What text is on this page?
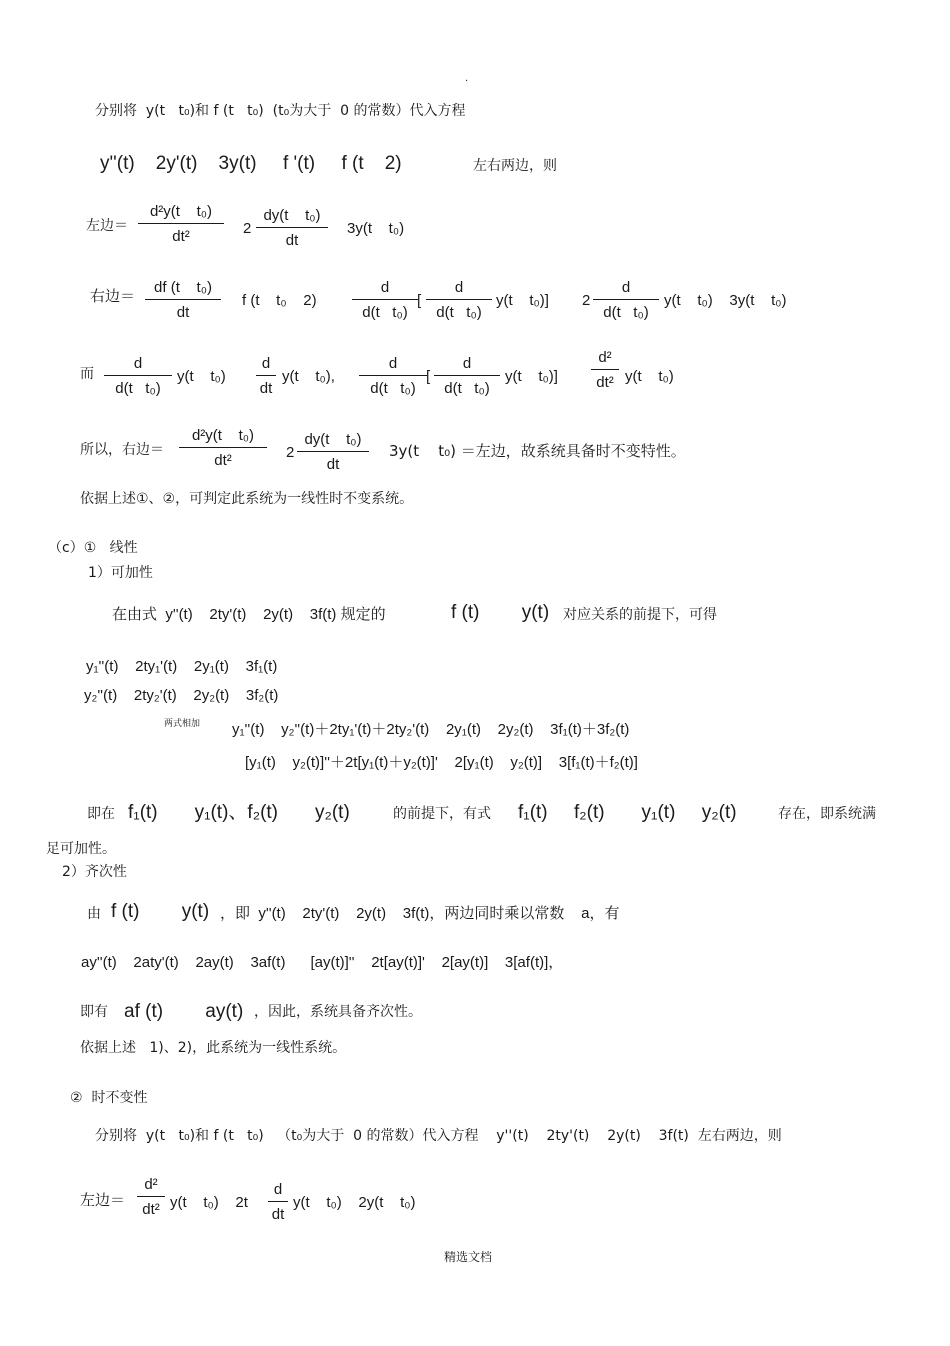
.
分别将  y(t   t₀)和 f (t   t₀)  (t₀为大于  0 的常数）代入方程
y''(t)    2y'(t)    3y(t)     f '(t)     f (t    2)	左右两边，则
左边＝ $\frac{\text{d²y(t    t₀)}}{\text{dt²}} 2 \frac{\text{dy(t    t₀)}}{dt} 3y(t$    t₀)
右边＝ $\frac{\text{df (t    t₀)}}{dt}$ f (t    t₀    $2) \frac{d}{\text{d(t   t₀)}}$ [ $\frac{d}{\text{d(t   t₀)}} y(t$    t₀)] $2 \frac{d}{\text{d(t   t₀)}} y(t$    t₀)    3y(t    t₀)
而 $\frac{d}{\text{d(t   t₀)}} y(t$    $t_0) \frac{d}{dt} y(t$    t₀), $\frac{d}{\text{d(t   t₀)}}$ [ $\frac{d}{\text{d(t   t₀)}} y(t$    $t_0)] \frac{\text{d²}}{\text{dt²}} y(t$    t₀)
所以，右边＝ $\frac{\text{d²y(t    t₀)}}{\text{dt²}} 2 \frac{\text{dy(t    t₀)}}{dt} 3y(t$    t₀) ＝左边，故系统具备时不变特性。
依据上述①、②，可判定此系统为一线性时不变系统。
（c）①   线性
1）可加性
在由式  y''(t)    2ty'(t)    2y(t)    3f(t) 规定的	f (t)        y(t) 对应关系的前提下，可得
y₁''(t)    2ty₁'(t)    2y₁(t)    3f₁(t)
y₂''(t)    2ty₂'(t)    2y₂(t)    3f₂(t)
两式相加 y₁''(t)    y₂''(t)＋2ty₁'(t)＋2ty₂'(t)    2y₁(t)    2y₂(t)    3f₁(t)＋3f₂(t)
[y₁(t)    y₂(t)]''＋2t[y₁(t)＋y₂(t)]'    2[y₁(t)    y₂(t)]    3[f₁(t)＋f₂(t)]
即在 f₁(t)       y₁(t)、f₂(t)       y₂(t)	的前提下，有式 f₁(t)     f₂(t)       y₁(t)     y₂(t)	存在，即系统满
足可加性。
2）齐次性
由 f (t)        y(t) ，即  y''(t)    2ty'(t)    2y(t)    3f(t)，两边同时乘以常数    a，有
ay''(t)    2aty'(t)    2ay(t)    3af(t)      [ay(t)]''    2t[ay(t)]'    2[ay(t)]    3[af(t)]，
即有 af (t)        ay(t) ，因此，系统具备齐次性。
依据上述   1)、2)，此系统为一线性系统。
②  时不变性
分别将  y(t   t₀)和 f (t   t₀)   （t₀为大于  0 的常数）代入方程    y''(t)    2ty'(t)    2y(t)    3f(t)  左右两边，则
左边＝ $\frac{\text{d²}}{\text{dt²}} y(t$    t₀)    $2t \frac{d}{dt} y(t$    t₀)    2y(t    t₀)
精选文档
